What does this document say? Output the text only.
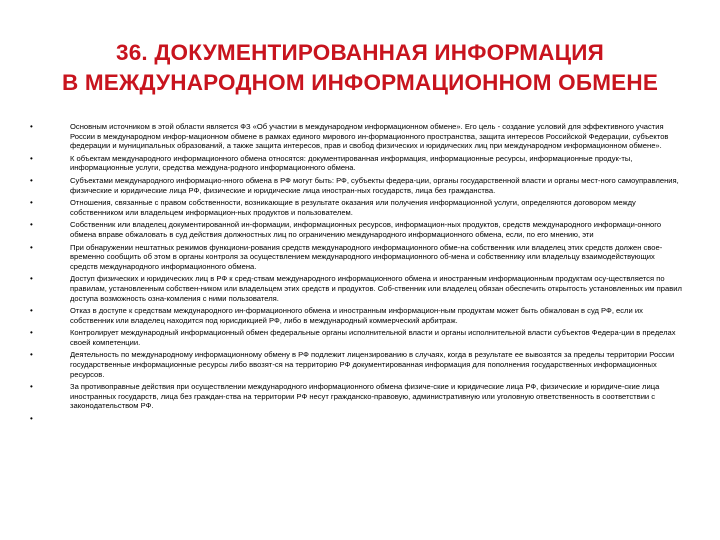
36. ДОКУМЕНТИРОВАННАЯ ИНФОРМАЦИЯ
В МЕЖДУНАРОДНОМ ИНФОРМАЦИОННОМ ОБМЕНЕ
•	Основным источником в этой области является ФЗ «Об участии в международном информационном обмене». Его цель - создание условий для эффективного участия России в международном инфор-мационном обмене в рамках единого мирового ин-формационного пространства, защита интересов Российской Федерации, субъектов федерации и муниципальных образований, а также защита интересов, прав и свобод физических и юридических лиц при международном информационном обмене».
•	К объектам международного информационного обмена относятся: документированная информация, информационные ресурсы, информационные продук-ты, информационные услуги, средства междуна-родного информационного обмена.
•	Субъектами международного информацио-нного обмена в РФ могут быть: РФ, субъекты федера-ции, органы государственной власти и органы мест-ного самоуправления, физические и юридические лица РФ, физические и юридические лица иностран-ных государств, лица без гражданства.
•	Отношения, связанные с правом собственности, возникающие в результате оказания или получения информационной услуги, определяются договором между собственником или владельцем информацион-ных продуктов и пользователем.
•	Собственник или владелец документированной ин-формации, информационных ресурсов, информацион-ных продуктов, средств международного информаци-онного обмена вправе обжаловать в суд действия должностных лиц по ограничению международного информационного обмена, если, по его мнению, эти
•	При обнаружении нештатных режимов функциони-рования средств международного информационного обме-на собственник или владелец этих средств должен свое-временно сообщить об этом в органы контроля за осуществлением международного информационного об-мена и собственнику или владельцу взаимодействующих средств международного информационного обмена.
•	Доступ физических и юридических лиц в РФ к сред-ствам международного информационного обмена и иностранным информационным продуктам осу-ществляется по правилам, установленным собствен-ником или владельцем этих средств и продуктов. Соб-ственник или владелец обязан обеспечить открытость установленных им правил доступа возможность озна-комления с ними пользователя.
•	Отказ в доступе к средствам международного ин-формационного обмена и иностранным информацион-ным продуктам может быть обжалован в суд РФ, если их собственник или владелец находится под юрисдикцией РФ, либо в международный коммерческий арбитраж.
•	Контролирует международный информационный обмен федеральные органы исполнительной власти и органы исполнительной власти субъектов Федера-ции в пределах своей компетенции.
•	Деятельность по международному информационному обмену в РФ подлежит лицензированию в случаях, когда в результате ее вывозятся за пределы территории России государственные информационные ресурсы либо ввозят-ся на территорию РФ документированная информация для пополнения государственных информационных ресурсов.
•	За противоправные действия при осуществлении международного информационного обмена физиче-ские и юридические лица РФ, физические и юридиче-ские лица иностранных государств, лица без граждан-ства на территории РФ несут гражданско-правовую, административную или уголовную ответственность в соответствии с законодательством РФ.
•
